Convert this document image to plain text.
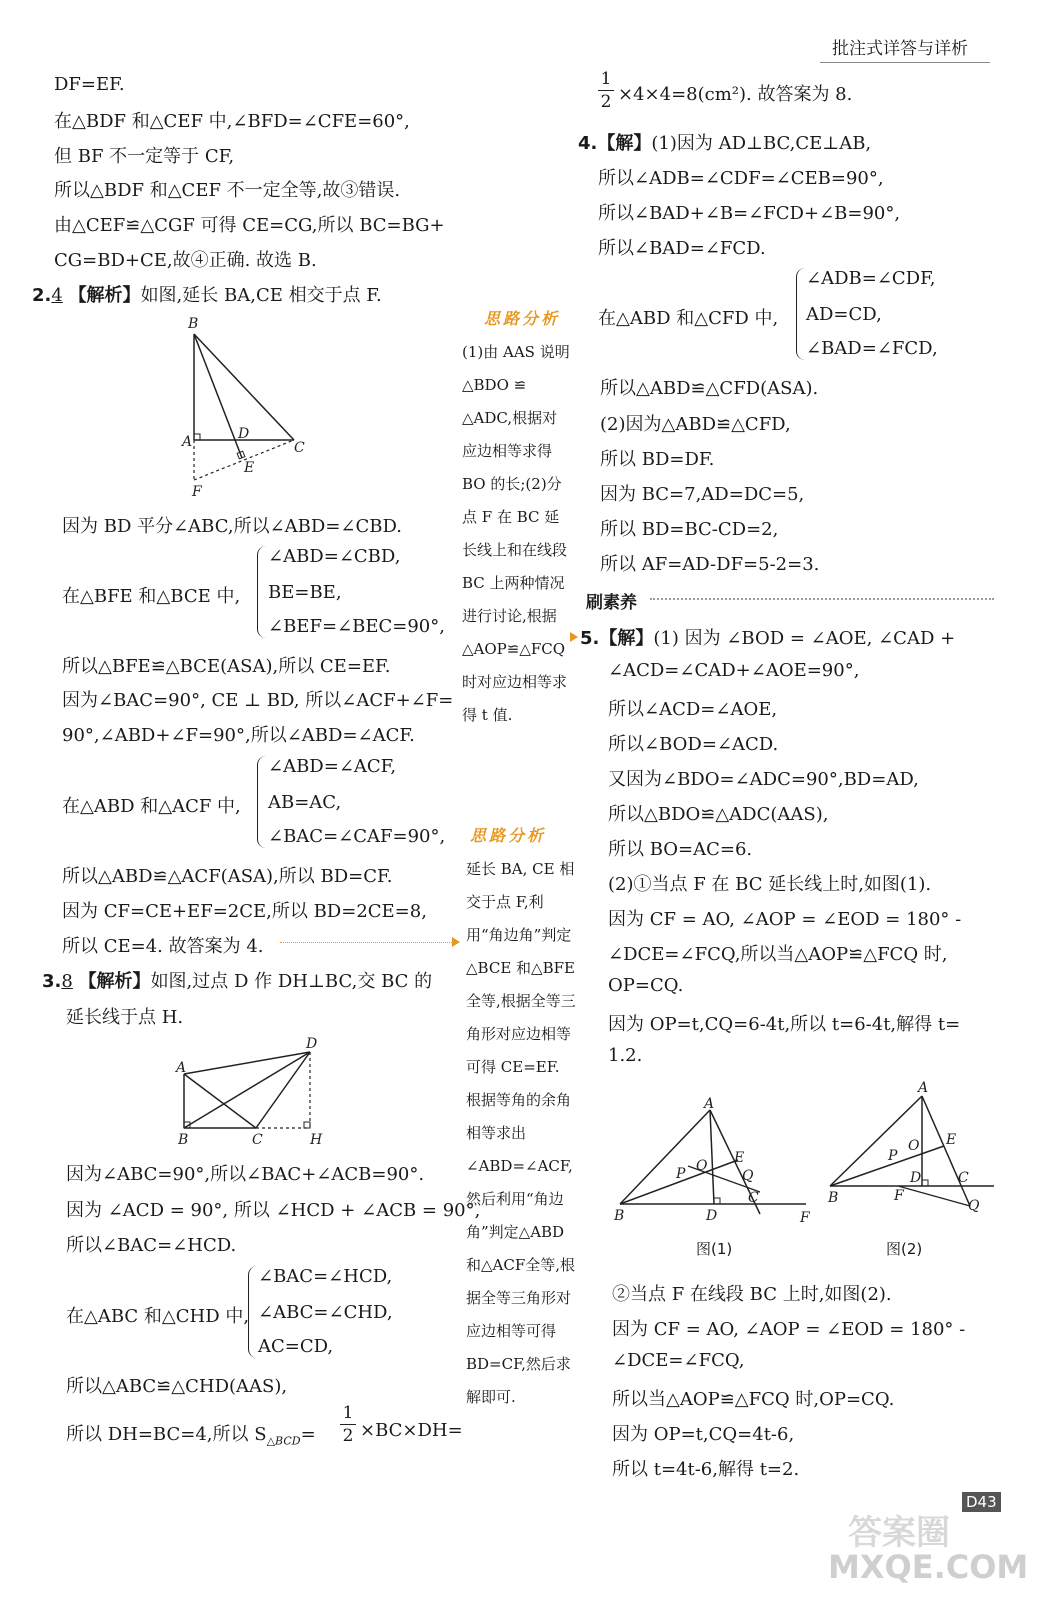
批注式详答与详析
DF=EF.
在△BDF 和△CEF 中,∠BFD=∠CFE=60°,
但 BF 不一定等于 CF,
所以△BDF 和△CEF 不一定全等,故③错误.
由△CEF≌△CGF 可得 CE=CG,所以 BC=BG+
CG=BD+CE,故④正确. 故选 B.
2.4 【解析】如图,延长 BA,CE 相交于点 F.
B
A	D
C
E
F
因为 BD 平分∠ABC,所以∠ABD=∠CBD.
在△BFE 和△BCE 中,
∠ABD=∠CBD,
BE=BE,
∠BEF=∠BEC=90°,
所以△BFE≌△BCE(ASA),所以 CE=EF.
因为∠BAC=90°, CE ⊥ BD, 所以∠ACF+∠F=
90°,∠ABD+∠F=90°,所以∠ABD=∠ACF.
在△ABD 和△ACF 中,
∠ABD=∠ACF,
AB=AC,
∠BAC=∠CAF=90°,
所以△ABD≌△ACF(ASA),所以 BD=CF.
因为 CF=CE+EF=2CE,所以 BD=2CE=8,
所以 CE=4. 故答案为 4.
3.8 【解析】如图,过点 D 作 DH⊥BC,交 BC 的
延长线于点 H.
D
A
B	C	H
因为∠ABC=90°,所以∠BAC+∠ACB=90°.
因为 ∠ACD = 90°, 所以 ∠HCD + ∠ACB = 90°,
所以∠BAC=∠HCD.
在△ABC 和△CHD 中,
∠BAC=∠HCD,
∠ABC=∠CHD,
AC=CD,
所以△ABC≌△CHD(AAS),
所以 DH=BC=4,所以 $S_{\triangle BCD}=$
1
2 ×BC×DH=
思路分析
(1)由 AAS 说明 △BDO ≌ △ADC,根据对应边相等求得 BO 的长;(2)分点 F 在 BC 延长线上和在线段 BC 上两种情况进行讨论,根据 △AOP≌△FCQ 时对应边相等求得 t 值.
思路分析
延长 BA, CE 相交于点 F,利用“角边角”判定△BCE 和△BFE 全等,根据全等三角形对应边相等可得 CE=EF. 根据等角的余角相等求出∠ABD=∠ACF,然后利用“角边角”判定△ABD和△ACF全等,根据全等三角形对应边相等可得 BD=CF,然后求解即可.
1
2 ×4×4=8(cm²). 故答案为 8.
4.【解】(1)因为 AD⊥BC,CE⊥AB,
所以∠ADB=∠CDF=∠CEB=90°,
所以∠BAD+∠B=∠FCD+∠B=90°,
所以∠BAD=∠FCD.
在△ABD 和△CFD 中,
∠ADB=∠CDF,
AD=CD,
∠BAD=∠FCD,
所以△ABD≌△CFD(ASA).
(2)因为△ABD≌△CFD,
所以 BD=DF.
因为 BC=7,AD=DC=5,
所以 BD=BC-CD=2,
所以 AF=AD-DF=5-2=3.
刷素养
5.【解】(1) 因为 ∠BOD = ∠AOE, ∠CAD +
∠ACD=∠CAD+∠AOE=90°,
所以∠ACD=∠AOE,
所以∠BOD=∠ACD.
又因为∠BDO=∠ADC=90°,BD=AD,
所以△BDO≌△ADC(AAS),
所以 BO=AC=6.
(2)①当点 F 在 BC 延长线上时,如图(1).
因为 CF = AO, ∠AOP = ∠EOD = 180° -
∠DCE=∠FCQ,所以当△AOP≌△FCQ 时,
OP=CQ.
因为 OP=t,CQ=6-4t,所以 t=6-4t,解得 t=
1.2.
A
B
C
D
E
F
O
P	Q
图(1)
A
B
C
D
E
F
O
P
Q
图(2)
②当点 F 在线段 BC 上时,如图(2).
因为 CF = AO, ∠AOP = ∠EOD = 180° -
∠DCE=∠FCQ,
所以当△AOP≌△FCQ 时,OP=CQ.
因为 OP=t,CQ=4t-6,
所以 t=4t-6,解得 t=2.
D43
答案圈
MXQE.COM
